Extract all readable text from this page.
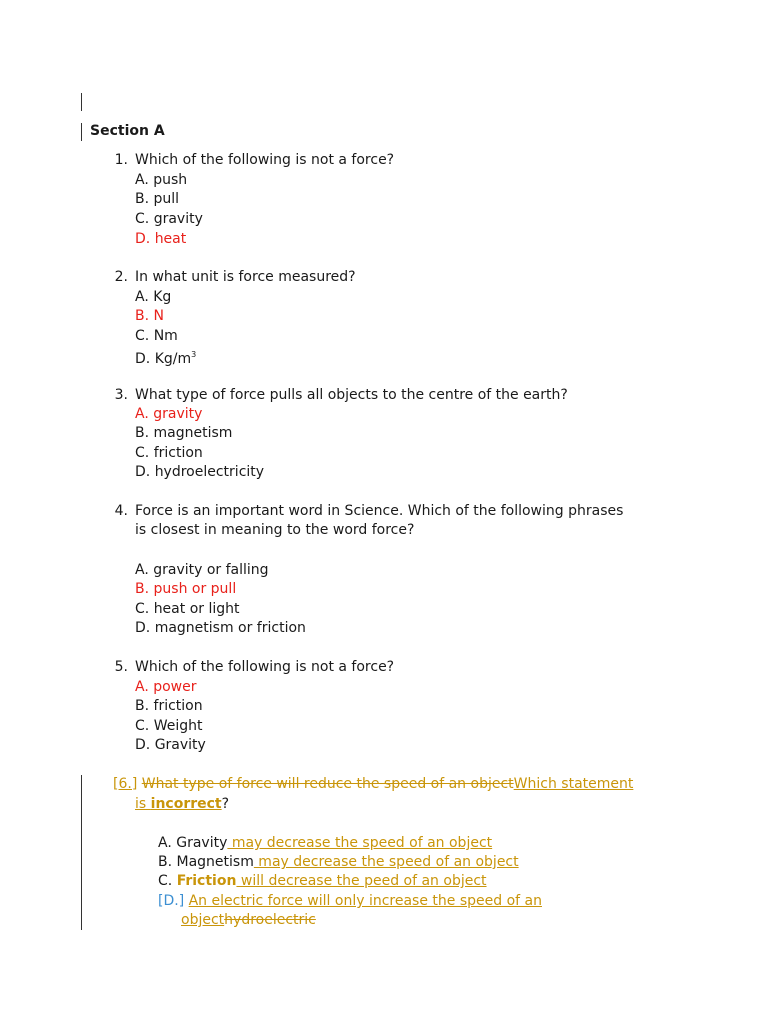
Section A
1. Which of the following is not a force?
A. push
B. pull
C. gravity
D. heat
2. In what unit is force measured?
A. Kg
B. N
C. Nm
D. $Kg/m^3$
3. What type of force pulls all objects to the centre of the earth?
A. gravity
B. magnetism
C. friction
D. hydroelectricity
4. Force is an important word in Science. Which of the following phrases
is closest in meaning to the word force?
A. gravity or falling
B. push or pull
C. heat or light
D. magnetism or friction
5. Which of the following is not a force?
A. power
B. friction
C. Weight
D. Gravity
[6.] What type of force will reduce the speed of an objectWhich statement
is incorrect?
A. Gravity may decrease the speed of an object
B. Magnetism may decrease the speed of an object
C. Friction will decrease the peed of an object
[D.] An electric force will only increase the speed of an
objecthydroelectric
